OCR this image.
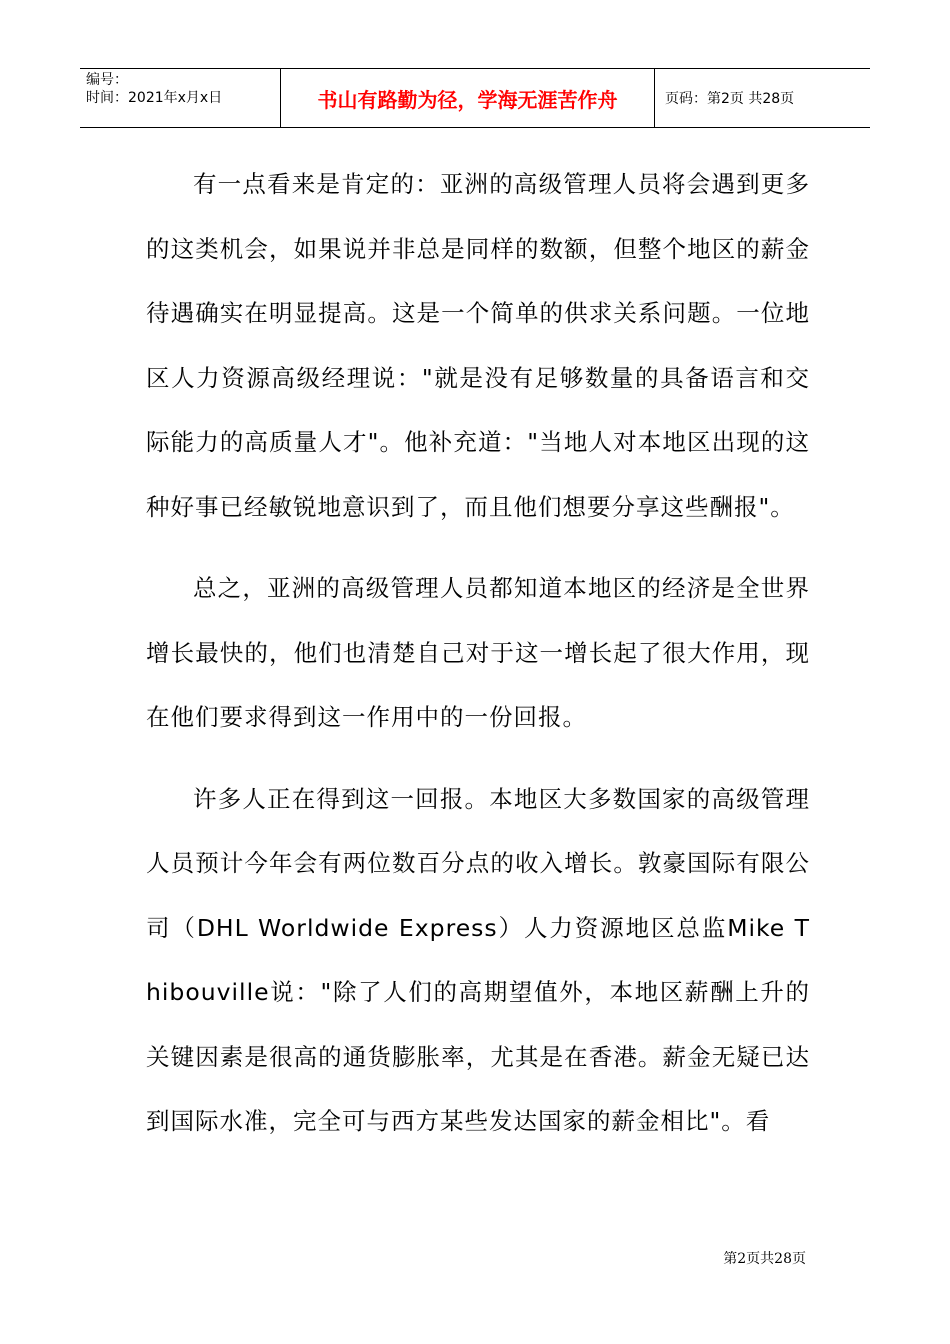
编号：
时间：2021年x月x日	书山有路勤为径，学海无涯苦作舟	页码：第2页 共28页

有一点看来是肯定的：亚洲的高级管理人员将会遇到更多的这类机会，如果说并非总是同样的数额，但整个地区的薪金待遇确实在明显提高。这是一个简单的供求关系问题。一位地区人力资源高级经理说："就是没有足够数量的具备语言和交际能力的高质量人才"。他补充道："当地人对本地区出现的这种好事已经敏锐地意识到了，而且他们想要分享这些酬报"。

总之，亚洲的高级管理人员都知道本地区的经济是全世界增长最快的，他们也清楚自己对于这一增长起了很大作用，现在他们要求得到这一作用中的一份回报。

许多人正在得到这一回报。本地区大多数国家的高级管理人员预计今年会有两位数百分点的收入增长。敦豪国际有限公司（DHL Worldwide Express）人力资源地区总监Mike Thibouville说："除了人们的高期望值外，本地区薪酬上升的关键因素是很高的通货膨胀率，尤其是在香港。薪金无疑已达到国际水准，完全可与西方某些发达国家的薪金相比"。看

第2页共28页
